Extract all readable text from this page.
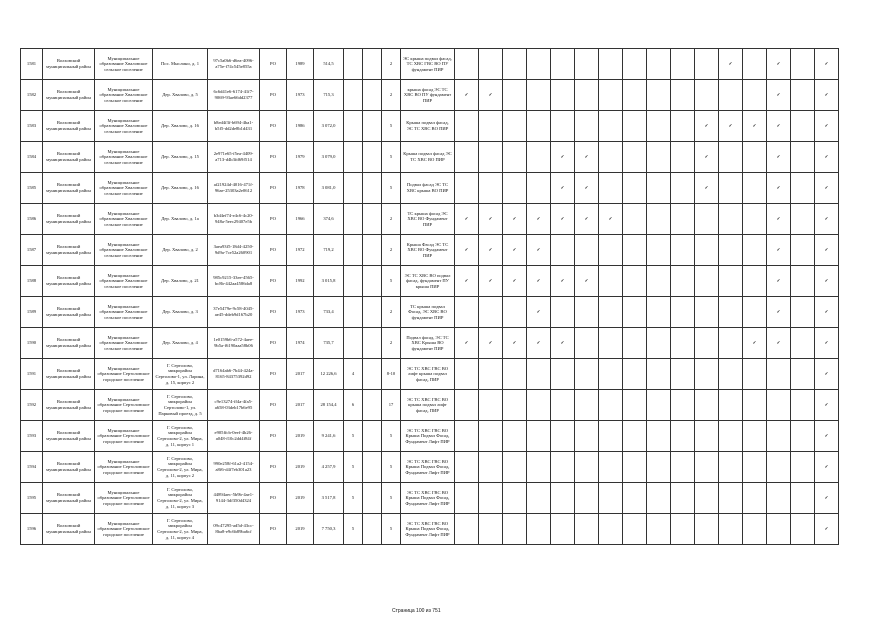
1581	Волховский муниципальный район	Муниципальное образование Хваловское сельское поселение	Пос. Мыслино, д. 1	97c5a0b6-d6ea-4096-a75e-f74c545e855a	РО	1989	514,5			2	ЭС крыша подвал фасад, ТС ХВС ГВС ВО ПУ фундамент ПИР												✓		✓		✓
1582	Волховский муниципальный район	Муниципальное образование Хваловское сельское поселение	Дер. Хвалово, д. 5	6c6d41e6-6174-41f7-9069-93ae66dd2377	РО	1973	715,3			2	крыша фасад ЭС ТС ХВС ВО ПУ фундамент ПИР	✓	✓												✓		✓
1583	Волховский муниципальный район	Муниципальное образование Хваловское сельское поселение	Дер. Хвалово, д. 16	b8ed4f3f-b694-4ba1-b5f5-dd2de8b1d431	РО	1986	3 072,0			5	Крыша подвал фасад, ЭС ТС ХВС ВО ПИР											✓	✓	✓	✓		✓
1584	Волховский муниципальный район	Муниципальное образование Хваловское сельское поселение	Дер. Хвалово, д. 15	2e971e65-f5ea-4409-a713-d4b3fd69f514	РО	1979	3 079,0			5	Крыша подвал фасад ЭС ТС ХВС ВО ПИР					✓	✓					✓			✓		✓
1585	Волховский муниципальный район	Муниципальное образование Хваловское сельское поселение	Дер. Хвалово, д. 16	af21924d-4016-471f-96ae-25303a2e0612	РО	1978	3 081,0			5	Подвал фасад ЭС ТС ХВС крыша ВО ПИР					✓	✓					✓			✓		✓
1586	Волховский муниципальный район	Муниципальное образование Хваловское сельское поселение	Дер. Хвалово, д. 1а	b3d4ef74-e4c6-4c20-948a-5eec29407e5b	РО	1966	374,6			2	ТС крыша фасад ЭС ХВС ВО Фундамент ПИР	✓	✓	✓	✓	✓	✓	✓							✓		✓
1587	Волховский муниципальный район	Муниципальное образование Хваловское сельское поселение	Дер. Хвалово, д. 2	3aea93f5-18d4-4250-9d9a-7ce52a260901	РО	1972	719,2			2	Крыша Фасад ЭС ТС ХВС ВО Фундамент ПИР	✓	✓	✓	✓										✓		✓
1588	Волховский муниципальный район	Муниципальное образование Хваловское сельское поселение	Дер. Хвалово, д. 21	985c9215-33ee-4565-bc8b-442aa4586da8	РО	1992	3 015,8			5	ЭС ТС ХВС ВО подвал фасад, фундамент ПУ крыша ПИР	✓	✓	✓	✓	✓	✓								✓		✓
1589	Волховский муниципальный район	Муниципальное образование Хваловское сельское поселение	Дер. Хвалово, д. 3	37e5479e-9c58-4045-ae45-ddeb9d167b20	РО	1973	733,4			2	ТС крыша подвал Фасад, ЭС ХВС ВО фундамент ПИР				✓										✓		✓
1590	Волховский муниципальный район	Муниципальное образование Хваловское сельское поселение	Дер. Хвалово, д. 4	1e0159b6-a572-4aee-9b5a-f6190aaa58b06	РО	1974	735,7			2	Подвал фасад, ЭС ТС ХВС Крыша ВО фундамент ПИР	✓	✓	✓	✓	✓								✓	✓		✓
1591	Волховский муниципальный район	Муниципальное образование Сертоловское городское поселение	Г. Сертолово, микрорайон Сертолово-1, ул. Ларина, д. 15, корпус 2	d7164ab6-7b44-424a-8165-84375392d92	РО	2017	12 226,6	4		8-10	ЭС ТС ХВС ГВС ВО лифт крыша подвал фасад, ПИР																✓
1592	Волховский муниципальный район	Муниципальное образование Сертоловское городское поселение	Г. Сертолово, микрорайон Сертолово-1, ул. Парковый проезд, д. 5	c9e13274-ff4a-4fa5-a658-03deb17b6e95	РО	2017	28 154,4	6		17	ЭС ТС ХВС ГВС ВО крыша подвал лифт фасад, ПИР																✓
1593	Волховский муниципальный район	Муниципальное образование Сертоловское городское поселение	Г. Сертолово, микрорайон Сертолово-2, ул. Мира, д. 11, корпус 1	e905ffcb-0eef-4b26-a048-f10c2dd4f84f	РО	2019	9 241,6	5		5	ЭС ТС ХВС ГВС ВО Крыша Подвал Фасад, Фундамент Лифт ПИР																✓
1594	Волховский муниципальный район	Муниципальное образование Сертоловское городское поселение	Г. Сертолово, микрорайон Сертолово-2, ул. Мира, д. 11, корпус 2	990e258f-61a2-4154-a8f6-d4f7eb301a23	РО	2019	4 257,9	5		5	ЭС ТС ХВС ГВС ВО Крыша Подвал Фасад, Фундамент Лифт ПИР																✓
1595	Волховский муниципальный район	Муниципальное образование Сертоловское городское поселение	Г. Сертолово, микрорайон Сертолово-2, ул. Мира, д. 11, корпус 3	44894aec-5b9b-4ae1-9144-3df350d4324	РО	2019	3 517,8	5		5	ЭС ТС ХВС ГВС ВО Крыша Подвал Фасад, Фундамент Лифт ПИР																✓
1596	Волховский муниципальный район	Муниципальное образование Сертоловское городское поселение	Г. Сертолово, микрорайон Сертолово-2, ул. Мира, д. 11, корпус 4	09c47295-ad5d-43cc-8ba8-e9c6b89ba6cf	РО	2019	7 750,3	5		5	ЭС ТС ХВС ГВС ВО Крыша Подвал Фасад, Фундамент Лифт ПИР																✓
Страница 100 из 751
